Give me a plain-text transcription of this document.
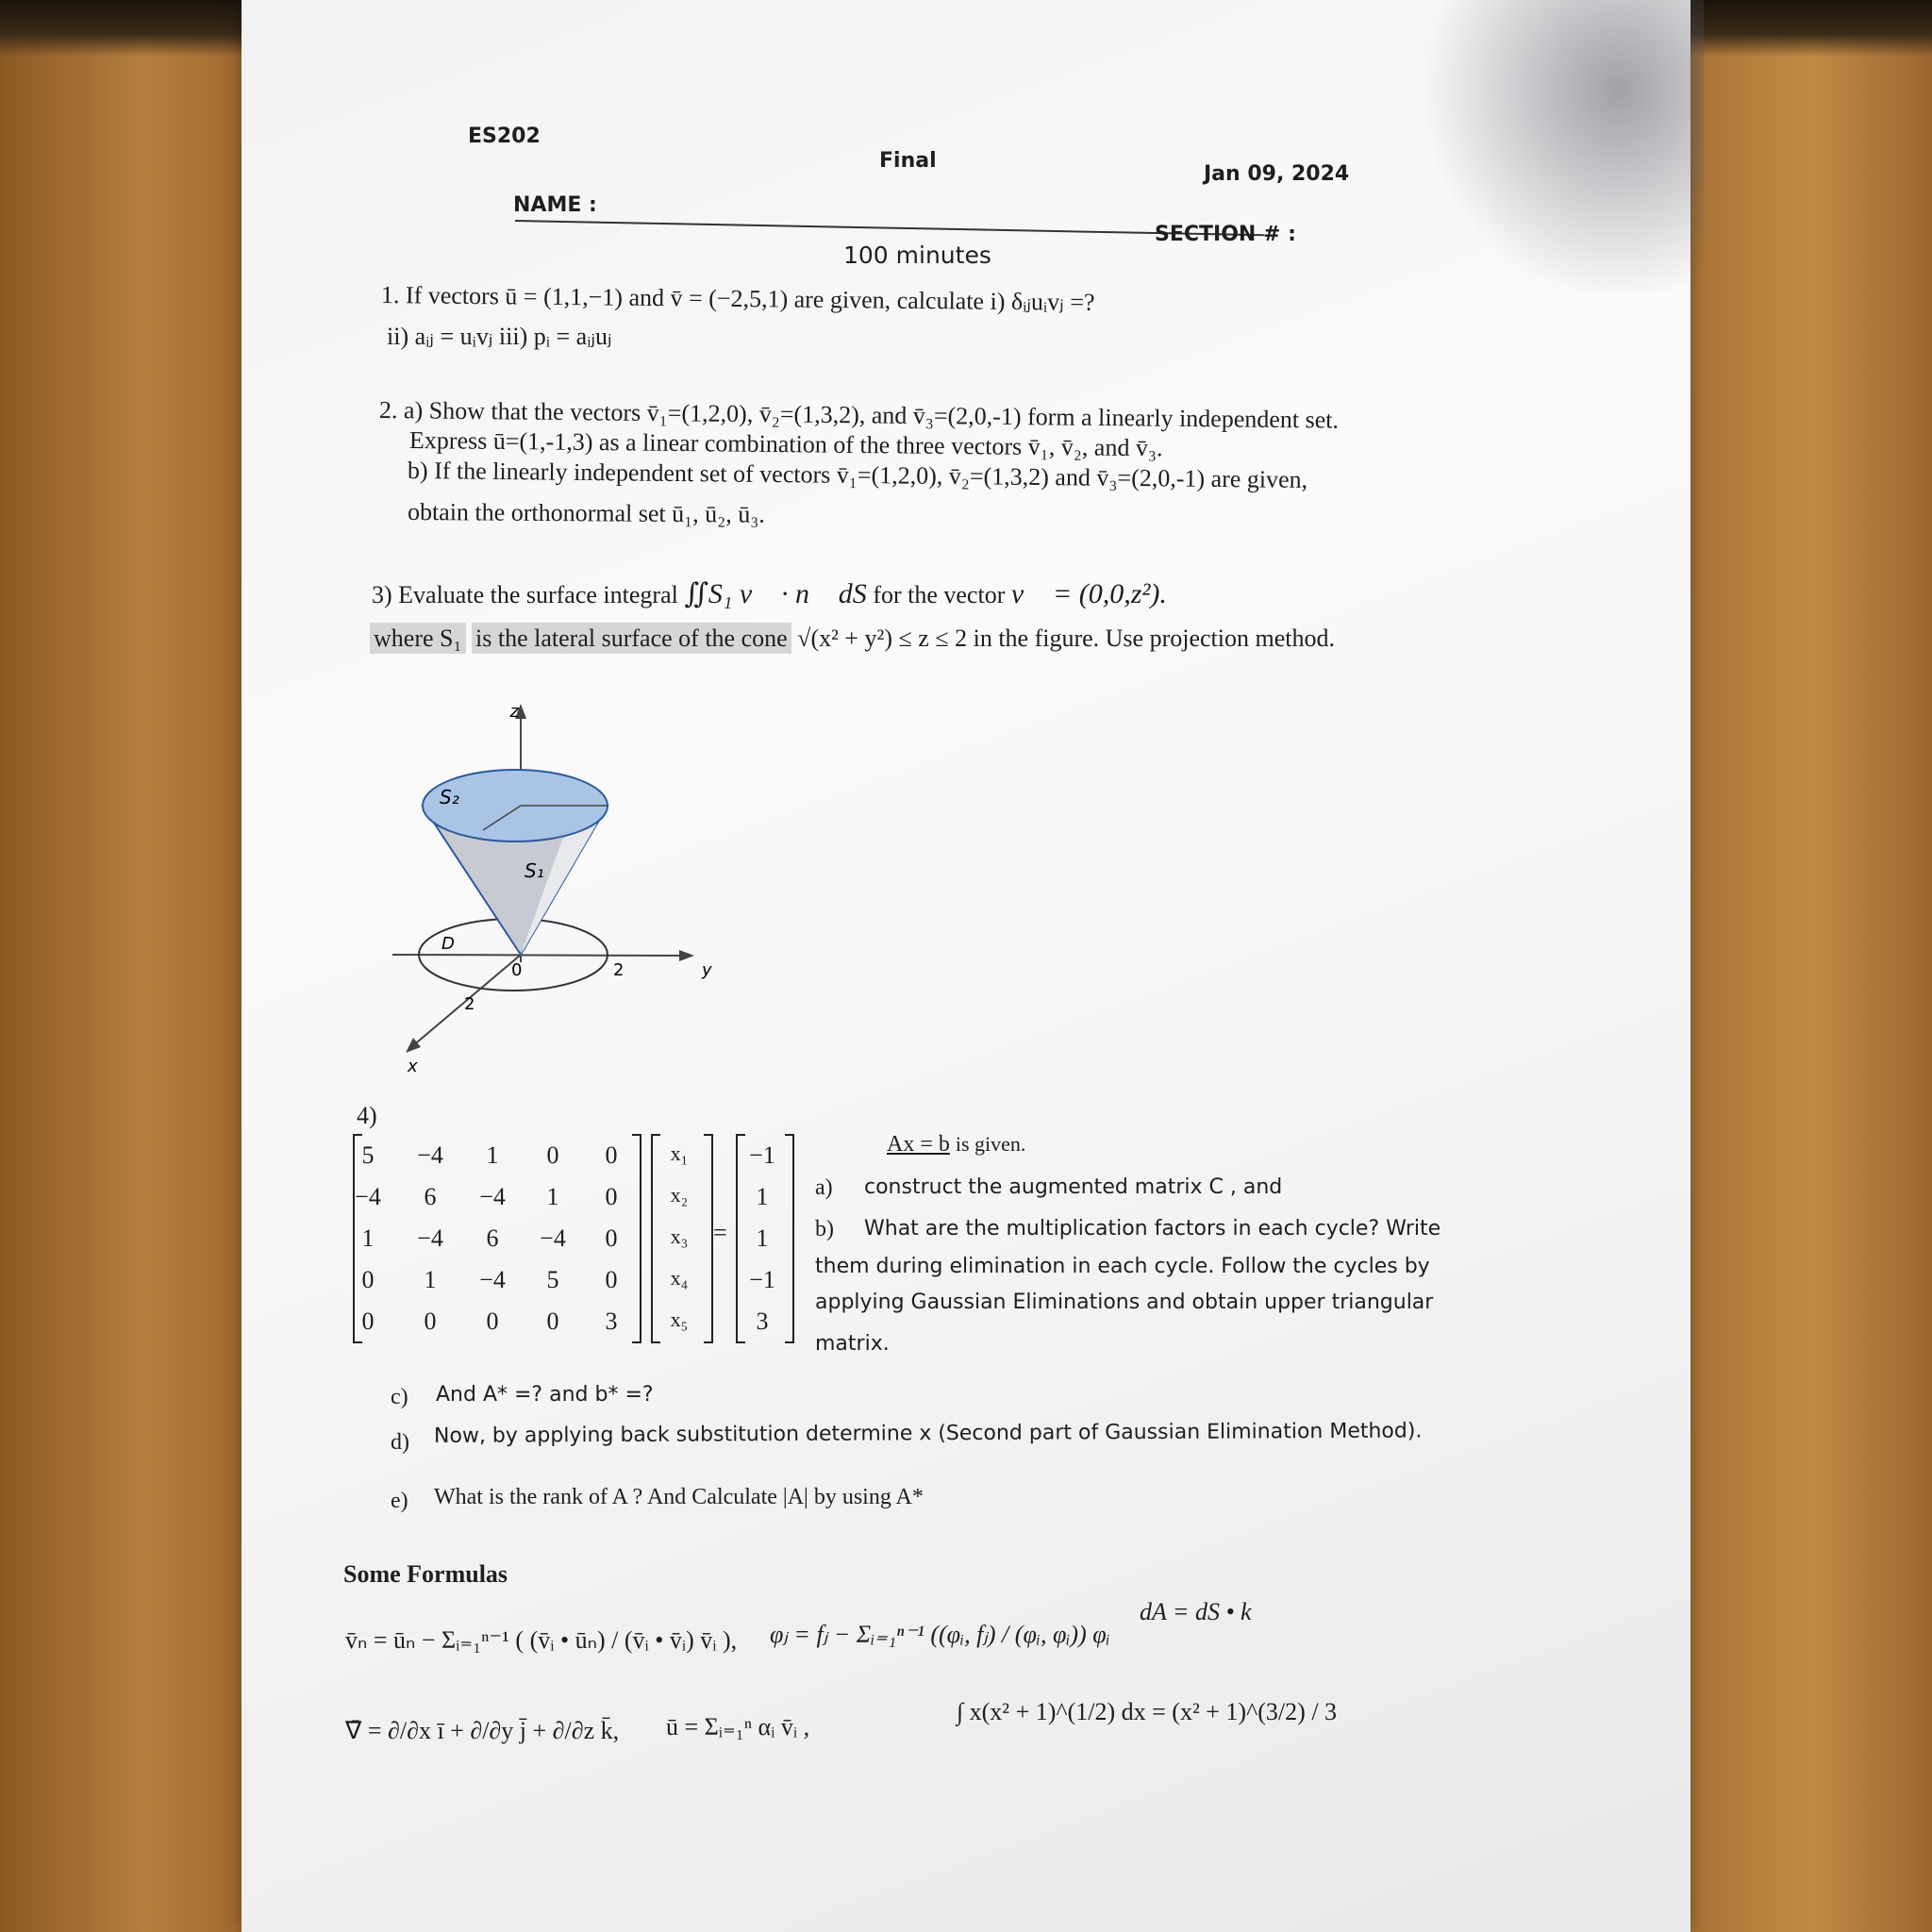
ES202
Final
Jan 09, 2024
NAME :
SECTION # :
100 minutes
1. If vectors ū = (1,1,−1) and v̄ = (−2,5,1) are given, calculate i) δᵢⱼuᵢvⱼ =?
ii) aᵢⱼ = uᵢvⱼ iii) pᵢ = aᵢⱼuⱼ
2. a) Show that the vectors v̄₁=(1,2,0), v̄₂=(1,3,2), and v̄₃=(2,0,-1) form a linearly independent set.
Express ū=(1,-1,3) as a linear combination of the three vectors v̄₁, v̄₂, and v̄₃.
b) If the linearly independent set of vectors v̄₁=(1,2,0), v̄₂=(1,3,2) and v̄₃=(2,0,-1) are given,
obtain the orthonormal set ū₁, ū₂, ū₃.
3) Evaluate the surface integral ∬S₁ v⃗ · n⃗ dS for the vector v⃗ = (0,0,z²).
where S₁ is the lateral surface of the cone √(x² + y²) ≤ z ≤ 2 in the figure. Use projection method.
z
y
x
S₂
S₁
D
0	2
2
4)
=
Ax = b is given.
a) construct the augmented matrix C , and
b) What are the multiplication factors in each cycle? Write
them during elimination in each cycle. Follow the cycles by
applying Gaussian Eliminations and obtain upper triangular
matrix.
c) And A* =? and b* =?
d) Now, by applying back substitution determine x (Second part of Gaussian Elimination Method).
e) What is the rank of A ? And Calculate |A| by using A*
Some Formulas
v̄ₙ = ūₙ − Σᵢ₌₁ⁿ⁻¹ ( (v̄ᵢ • ūₙ) / (v̄ᵢ • v̄ᵢ) v̄ᵢ ), φⱼ = fⱼ − Σᵢ₌₁ⁿ⁻¹ ((φᵢ, fⱼ) / (φᵢ, φᵢ)) φᵢ
dA = dS • k
∇̄ = ∂/∂x ī + ∂/∂y j̄ + ∂/∂z k̄, ū = Σᵢ₌₁ⁿ αᵢ v̄ᵢ ,
∫ x(x² + 1)^(1/2) dx = (x² + 1)^(3/2) / 3
5	−4	1	0	0
−4	6	−4	1	0
1	−4	6	−4	0
0	1	−4	5	0
0	0	0	0	3
x₁
x₂
x₃
x₄
x₅
−1
1
1
−1
3
